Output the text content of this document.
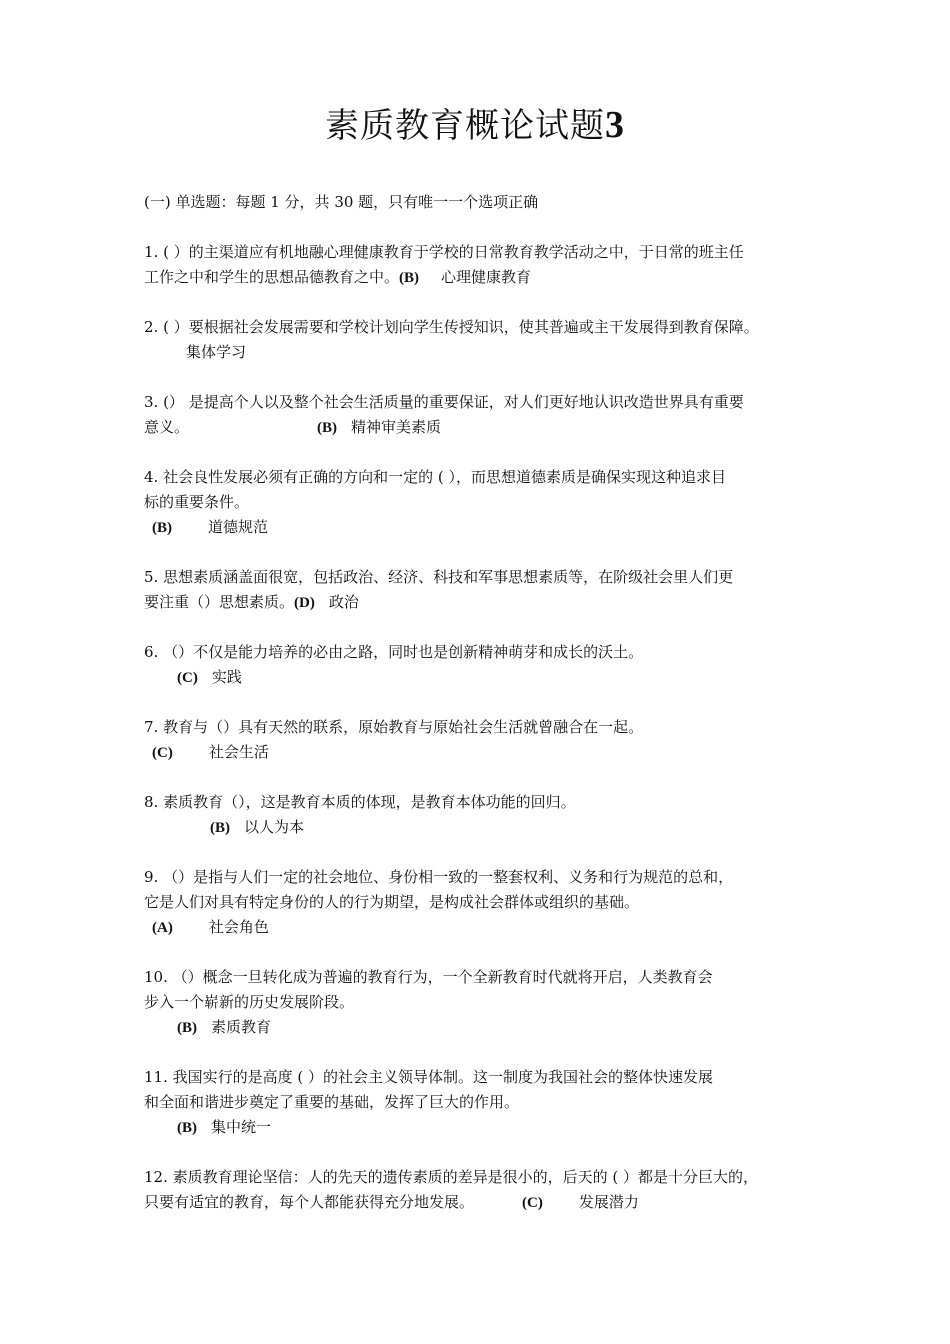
素质教育概论试题3
(一) 单选题：每题 1 分，共 30 题，只有唯一一个选项正确

1. ( ）的主渠道应有机地融心理健康教育于学校的日常教育教学活动之中，于日常的班主任

工作之中和学生的思想品德教育之中。(B) 心理健康教育

2. ( ）要根据社会发展需要和学校计划向学生传授知识，使其普遍或主干发展得到教育保障。

集体学习

3. (） 是提高个人以及整个社会生活质量的重要保证，对人们更好地认识改造世界具有重要

意义。	(B) 精神审美素质

4. 社会良性发展必须有正确的方向和一定的 ( ），而思想道德素质是确保实现这种追求目

标的重要条件。

(B) 道德规范

5. 思想素质涵盖面很宽，包括政治、经济、科技和军事思想素质等，在阶级社会里人们更

要注重（）思想素质。(D) 政治

6. （）不仅是能力培养的必由之路，同时也是创新精神萌芽和成长的沃土。

(C) 实践

7. 教育与（）具有天然的联系，原始教育与原始社会生活就曾融合在一起。

(C) 社会生活

8. 素质教育（），这是教育本质的体现，是教育本体功能的回归。

(B) 以人为本

9. （）是指与人们一定的社会地位、身份相一致的一整套权利、义务和行为规范的总和，

它是人们对具有特定身份的人的行为期望，是构成社会群体或组织的基础。

(A) 社会角色

10. （）概念一旦转化成为普遍的教育行为，一个全新教育时代就将开启，人类教育会

步入一个崭新的历史发展阶段。

(B) 素质教育

11. 我国实行的是高度 ( ）的社会主义领导体制。这一制度为我国社会的整体快速发展

和全面和谐进步奠定了重要的基础，发挥了巨大的作用。

(B) 集中统一

12. 素质教育理论坚信：人的先天的遗传素质的差异是很小的，后天的 ( ）都是十分巨大的，

只要有适宜的教育，每个人都能获得充分地发展。	(C) 发展潜力
